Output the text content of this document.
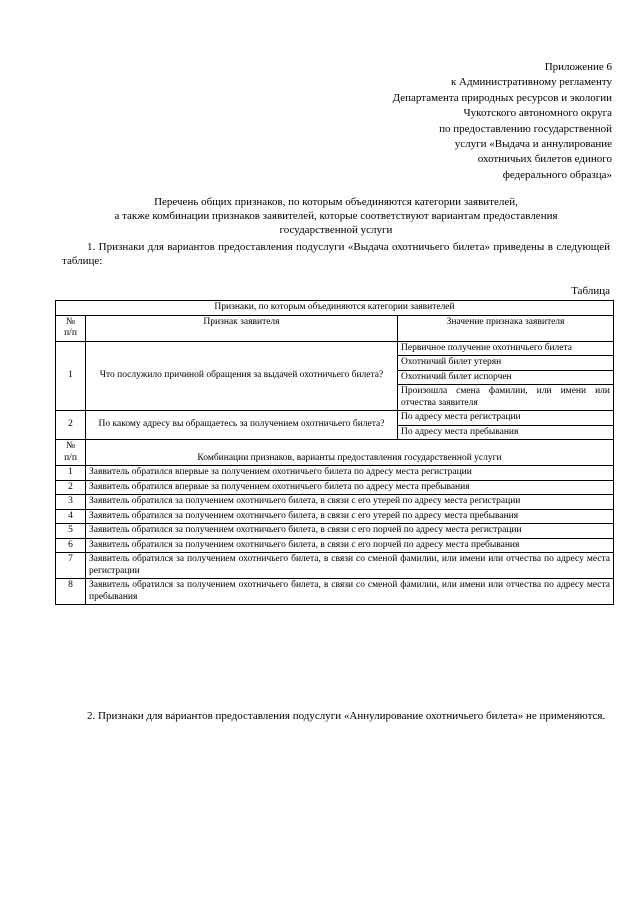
Приложение 6
к Административному регламенту
Департамента природных ресурсов и экологии
Чукотского автономного округа
по предоставлению государственной
услуги «Выдача и аннулирование
охотничьих билетов единого
федерального образца»
Перечень общих признаков, по которым объединяются категории заявителей,
а также комбинации признаков заявителей, которые соответствуют вариантам предоставления
государственной услуги
1. Признаки для вариантов предоставления подуслуги «Выдача охотничьего билета» приведены в следующей таблице:
Таблица
Признаки, по которым объединяются категории заявителей		

№
п/п	Признак заявителя	Значение признака заявителя
1	Что послужило причиной обращения за выдачей охотничьего билета?	Первичное получение охотничьего билета
		Охотничий билет утерян
		Охотничий билет испорчен
		Произошла смена фамилии, или имени или отчества заявителя
2	По какому адресу вы обращаетесь за получением охотничьего билета?	По адресу места регистрации
		По адресу места пребывания

№
п/п	Комбинации признаков, варианты предоставления государственной услуги	
1	Заявитель обратился впервые за получением охотничьего билета по адресу места регистрации	
2	Заявитель обратился впервые за получением охотничьего билета по адресу места пребывания	
3	Заявитель обратился за получением охотничьего билета, в связи с его утерей по адресу места регистрации	
4	Заявитель обратился за получением охотничьего билета, в связи с его утерей по адресу места пребывания	
5	Заявитель обратился за получением охотничьего билета, в связи с его порчей по адресу места регистрации	
6	Заявитель обратился за получением охотничьего билета, в связи с его порчей по адресу места пребывания	
7	Заявитель обратился за получением охотничьего билета, в связи со сменой фамилии, или имени или отчества по адресу места регистрации	
8	Заявитель обратился за получением охотничьего билета, в связи со сменой фамилии, или имени или отчества по адресу места пребывания	
2. Признаки для вариантов предоставления подуслуги «Аннулирование охотничьего билета» не применяются.
